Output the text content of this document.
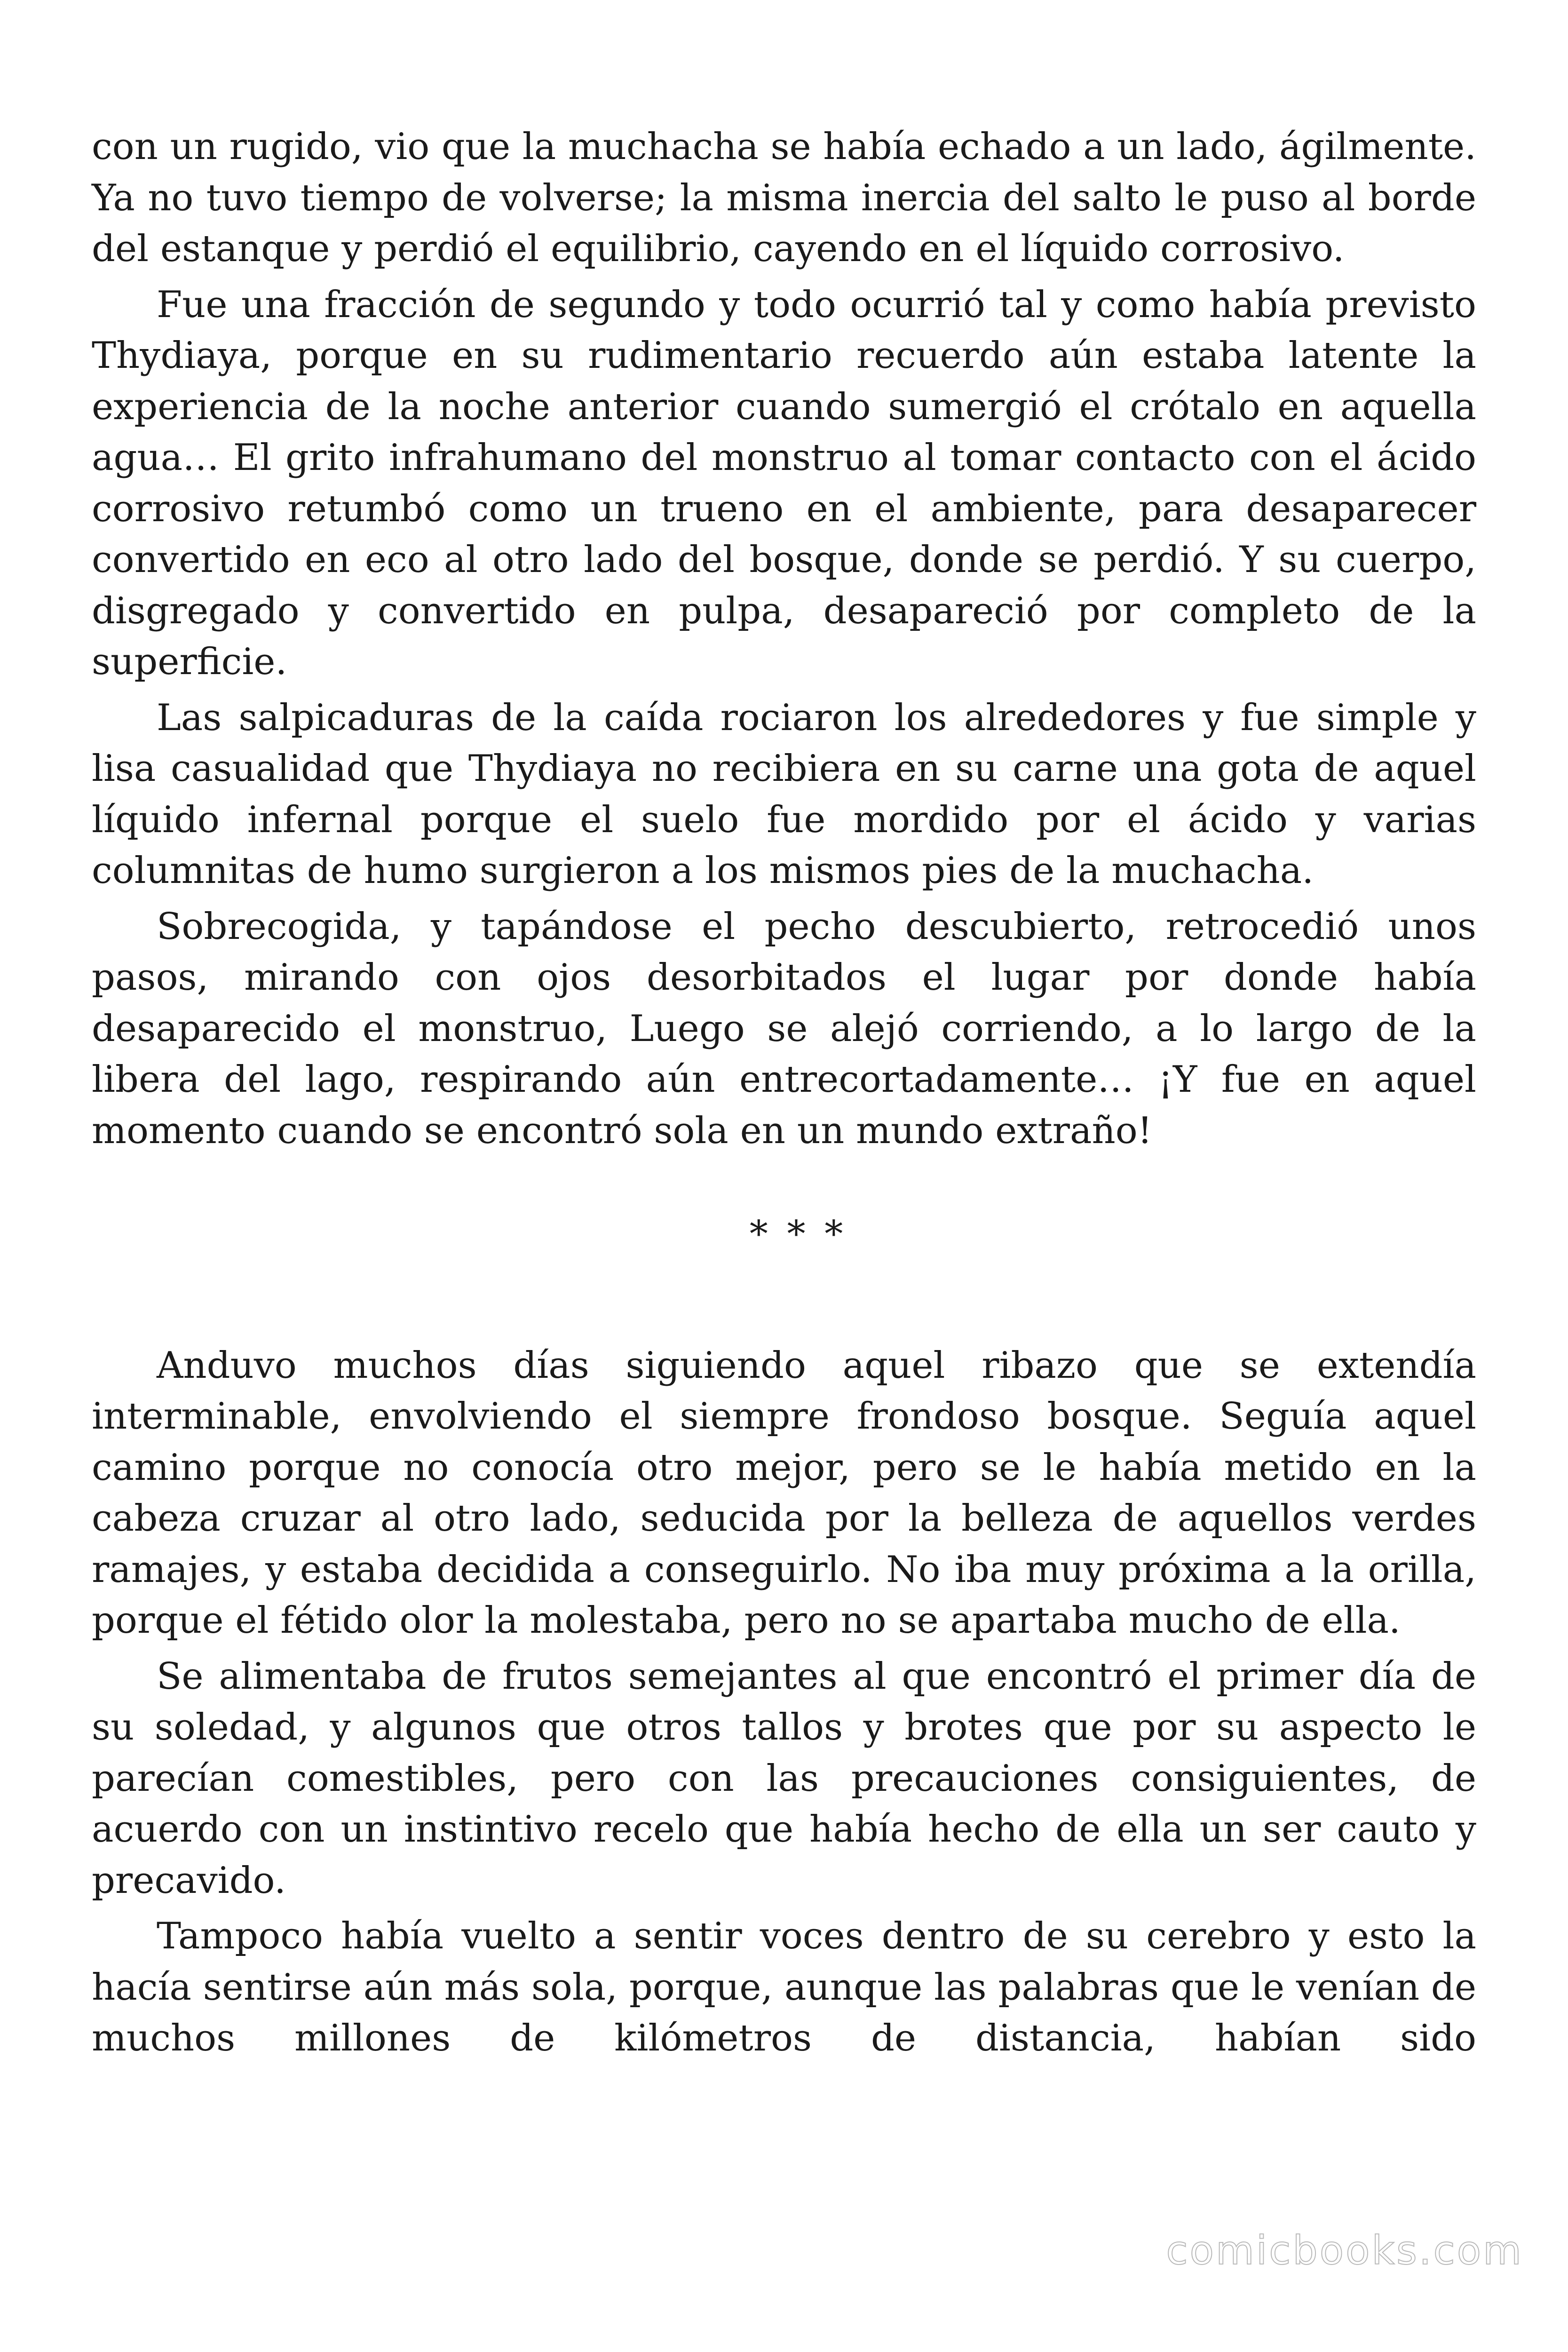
con un rugido, vio que la muchacha se había echado a un lado, ágilmente. Ya no tuvo tiempo de volverse; la misma inercia del salto le puso al borde del estanque y perdió el equilibrio, cayendo en el líquido corrosivo.

Fue una fracción de segundo y todo ocurrió tal y como había previsto Thydiaya, porque en su rudimentario recuerdo aún estaba latente la experiencia de la noche anterior cuando sumergió el crótalo en aquella agua… El grito infrahumano del monstruo al tomar contacto con el ácido corrosivo retumbó como un trueno en el ambiente, para desaparecer convertido en eco al otro lado del bosque, donde se perdió. Y su cuerpo, disgregado y convertido en pulpa, desapareció por completo de la superficie.

Las salpicaduras de la caída rociaron los alrededores y fue simple y lisa casualidad que Thydiaya no recibiera en su carne una gota de aquel líquido infernal porque el suelo fue mordido por el ácido y varias columnitas de humo surgieron a los mismos pies de la muchacha.

Sobrecogida, y tapándose el pecho descubierto, retrocedió unos pasos, mirando con ojos desorbitados el lugar por donde había desaparecido el monstruo, Luego se alejó corriendo, a lo largo de la libera del lago, respirando aún entrecortadamente… ¡Y fue en aquel momento cuando se encontró sola en un mundo extraño!

* * *

Anduvo muchos días siguiendo aquel ribazo que se extendía interminable, envolviendo el siempre frondoso bosque. Seguía aquel camino porque no conocía otro mejor, pero se le había metido en la cabeza cruzar al otro lado, seducida por la belleza de aquellos verdes ramajes, y estaba decidida a conseguirlo. No iba muy próxima a la orilla, porque el fétido olor la molestaba, pero no se apartaba mucho de ella.

Se alimentaba de frutos semejantes al que encontró el primer día de su soledad, y algunos que otros tallos y brotes que por su aspecto le parecían comestibles, pero con las precauciones consiguientes, de acuerdo con un instintivo recelo que había hecho de ella un ser cauto y precavido.

Tampoco había vuelto a sentir voces dentro de su cerebro y esto la hacía sentirse aún más sola, porque, aunque las palabras que le venían de muchos millones de kilómetros de distancia, habían sido

comicbooks.com
